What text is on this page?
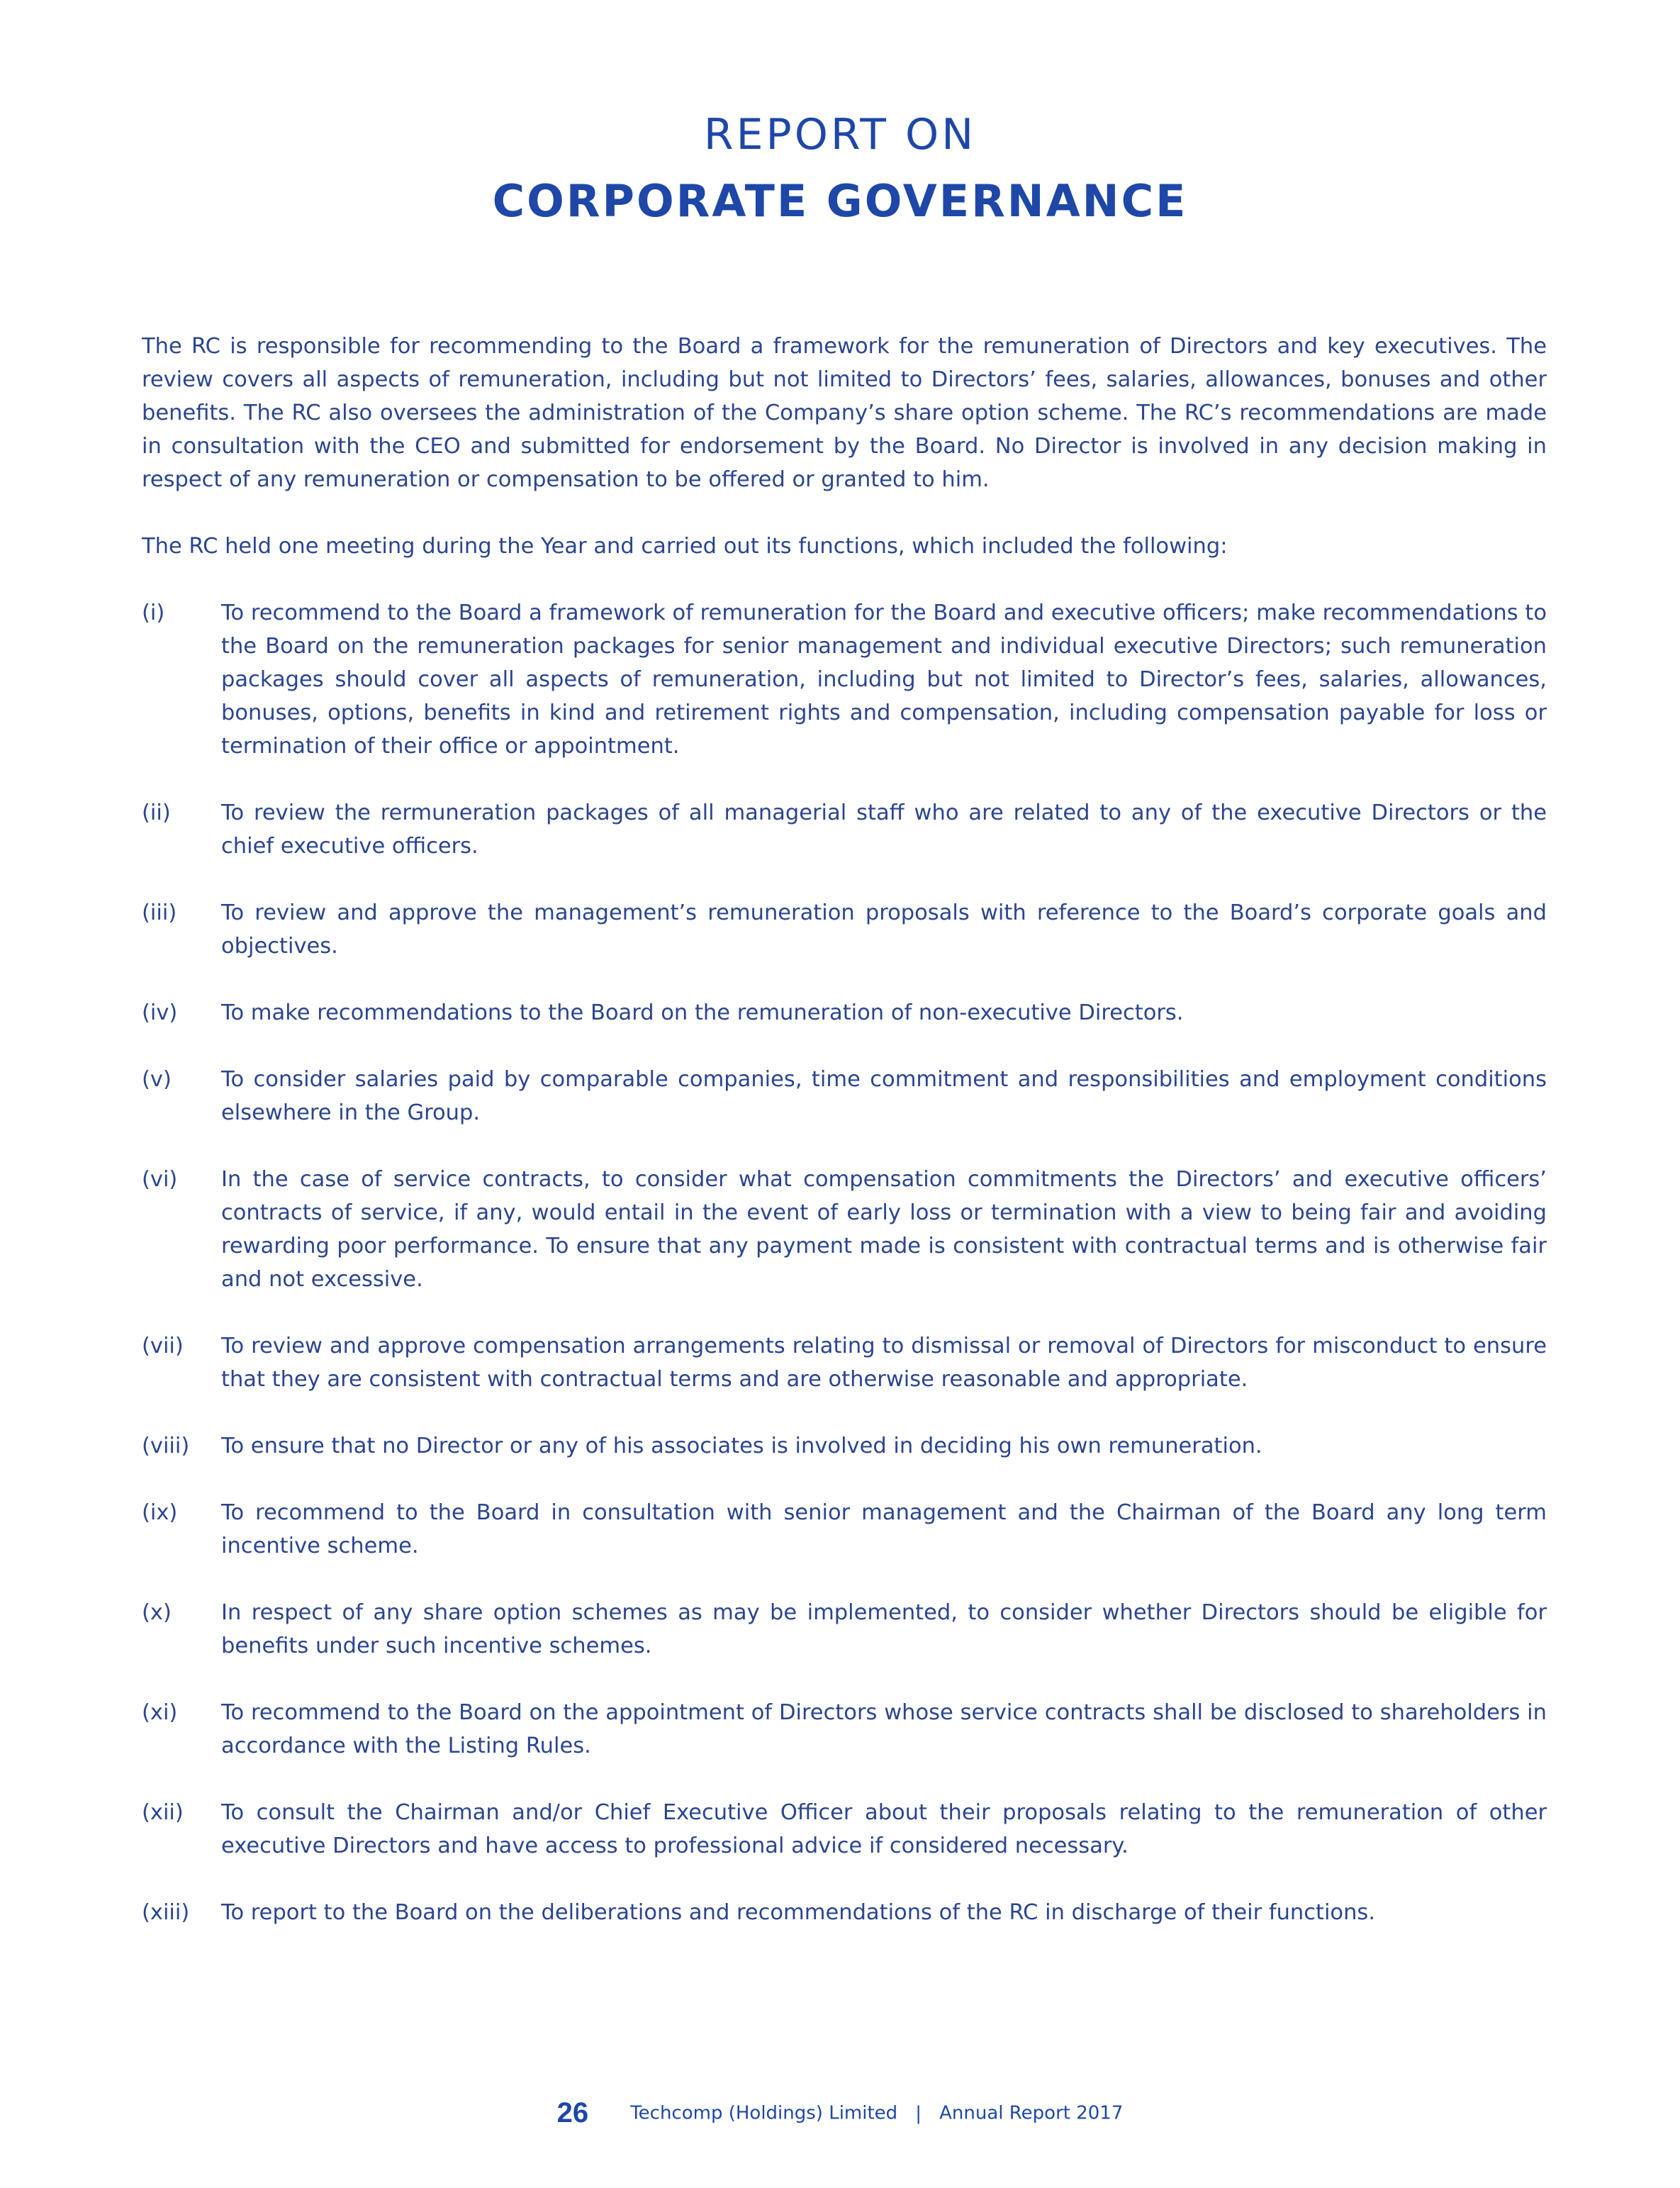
REPORT ON
CORPORATE GOVERNANCE

The RC is responsible for recommending to the Board a framework for the remuneration of Directors and key executives. The review covers all aspects of remuneration, including but not limited to Directors’ fees, salaries, allowances, bonuses and other benefits. The RC also oversees the administration of the Company’s share option scheme. The RC’s recommendations are made in consultation with the CEO and submitted for endorsement by the Board. No Director is involved in any decision making in respect of any remuneration or compensation to be offered or granted to him.

The RC held one meeting during the Year and carried out its functions, which included the following:

(i)	To recommend to the Board a framework of remuneration for the Board and executive officers; make recommendations to the Board on the remuneration packages for senior management and individual executive Directors; such remuneration packages should cover all aspects of remuneration, including but not limited to Director’s fees, salaries, allowances, bonuses, options, benefits in kind and retirement rights and compensation, including compensation payable for loss or termination of their office or appointment.
(ii)	To review the rermuneration packages of all managerial staff who are related to any of the executive Directors or the chief executive officers.
(iii)	To review and approve the management’s remuneration proposals with reference to the Board’s corporate goals and objectives.
(iv)	To make recommendations to the Board on the remuneration of non-executive Directors.
(v)	To consider salaries paid by comparable companies, time commitment and responsibilities and employment conditions elsewhere in the Group.
(vi)	In the case of service contracts, to consider what compensation commitments the Directors’ and executive officers’ contracts of service, if any, would entail in the event of early loss or termination with a view to being fair and avoiding rewarding poor performance. To ensure that any payment made is consistent with contractual terms and is otherwise fair and not excessive.
(vii)	To review and approve compensation arrangements relating to dismissal or removal of Directors for misconduct to ensure that they are consistent with contractual terms and are otherwise reasonable and appropriate.
(viii)	To ensure that no Director or any of his associates is involved in deciding his own remuneration.
(ix)	To recommend to the Board in consultation with senior management and the Chairman of the Board any long term incentive scheme.
(x)	In respect of any share option schemes as may be implemented, to consider whether Directors should be eligible for benefits under such incentive schemes.
(xi)	To recommend to the Board on the appointment of Directors whose service contracts shall be disclosed to shareholders in accordance with the Listing Rules.
(xii)	To consult the Chairman and/or Chief Executive Officer about their proposals relating to the remuneration of other executive Directors and have access to professional advice if considered necessary.
(xiii)	To report to the Board on the deliberations and recommendations of the RC in discharge of their functions.
26 Techcomp (Holdings) Limited | Annual Report 2017
